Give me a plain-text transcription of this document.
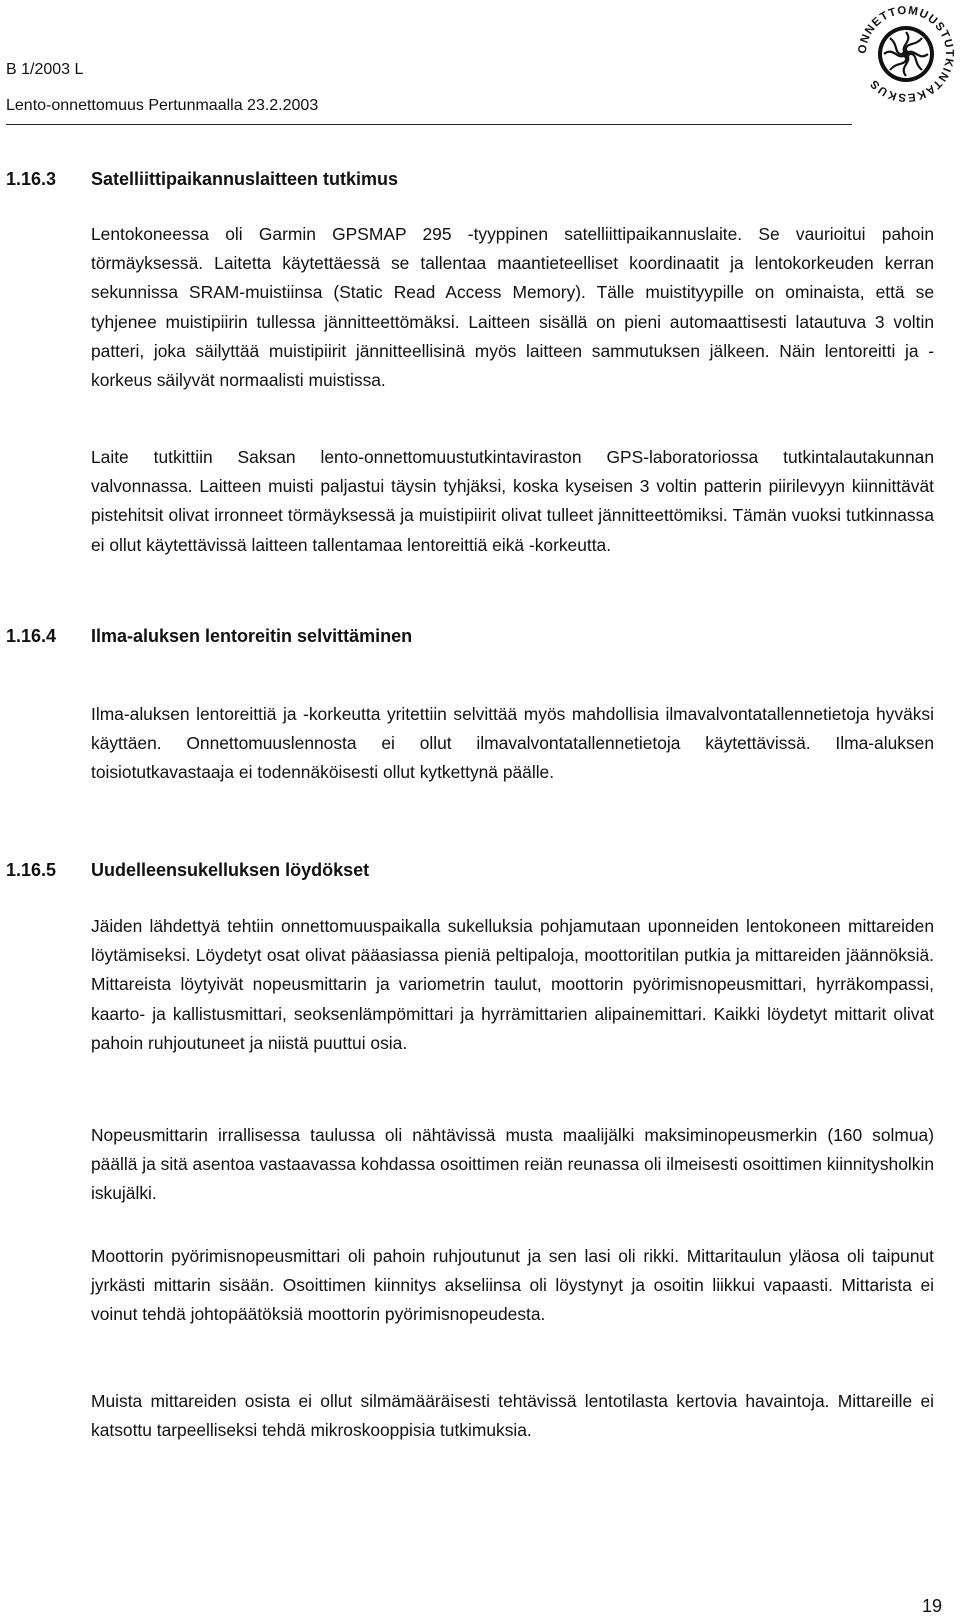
B 1/2003 L
Lento-onnettomuus Pertunmaalla 23.2.2003
ONNETTOMUUSTUTKINTAKESKUS
1.16.3	Satelliittipaikannuslaitteen tutkimus

Lentokoneessa oli Garmin GPSMAP 295 -tyyppinen satelliittipaikannuslaite. Se vaurioitui pahoin törmäyksessä. Laitetta käytettäessä se tallentaa maantieteelliset koordinaatit ja lentokorkeuden kerran sekunnissa SRAM-muistiinsa (Static Read Access Memory). Tälle muistityypille on ominaista, että se tyhjenee muistipiirin tullessa jännitteettömäksi. Laitteen sisällä on pieni automaattisesti latautuva 3 voltin patteri, joka säilyttää muistipiirit jännitteellisinä myös laitteen sammutuksen jälkeen. Näin lentoreitti ja -korkeus säilyvät normaalisti muistissa.

Laite tutkittiin Saksan lento-onnettomuustutkintaviraston GPS-laboratoriossa tutkintalautakunnan valvonnassa. Laitteen muisti paljastui täysin tyhjäksi, koska kyseisen 3 voltin patterin piirilevyyn kiinnittävät pistehitsit olivat irronneet törmäyksessä ja muistipiirit olivat tulleet jännitteettömiksi. Tämän vuoksi tutkinnassa ei ollut käytettävissä laitteen tallentamaa lentoreittiä eikä -korkeutta.

1.16.4	Ilma-aluksen lentoreitin selvittäminen

Ilma-aluksen lentoreittiä ja -korkeutta yritettiin selvittää myös mahdollisia ilmavalvontatallennetietoja hyväksi käyttäen. Onnettomuuslennosta ei ollut ilmavalvontatallennetietoja käytettävissä. Ilma-aluksen toisiotutkavastaaja ei todennäköisesti ollut kytkettynä päälle.

1.16.5	Uudelleensukelluksen löydökset

Jäiden lähdettyä tehtiin onnettomuuspaikalla sukelluksia pohjamutaan uponneiden lentokoneen mittareiden löytämiseksi. Löydetyt osat olivat pääasiassa pieniä peltipaloja, moottoritilan putkia ja mittareiden jäännöksiä. Mittareista löytyivät nopeusmittarin ja variometrin taulut, moottorin pyörimisnopeusmittari, hyrräkompassi, kaarto- ja kallistusmittari, seoksenlämpömittari ja hyrrämittarien alipainemittari. Kaikki löydetyt mittarit olivat pahoin ruhjoutuneet ja niistä puuttui osia.

Nopeusmittarin irrallisessa taulussa oli nähtävissä musta maalijälki maksiminopeusmerkin (160 solmua) päällä ja sitä asentoa vastaavassa kohdassa osoittimen reiän reunassa oli ilmeisesti osoittimen kiinnitysholkin iskujälki.

Moottorin pyörimisnopeusmittari oli pahoin ruhjoutunut ja sen lasi oli rikki. Mittaritaulun yläosa oli taipunut jyrkästi mittarin sisään. Osoittimen kiinnitys akseliinsa oli löystynyt ja osoitin liikkui vapaasti. Mittarista ei voinut tehdä johtopäätöksiä moottorin pyörimisnopeudesta.

Muista mittareiden osista ei ollut silmämääräisesti tehtävissä lentotilasta kertovia havaintoja. Mittareille ei katsottu tarpeelliseksi tehdä mikroskooppisia tutkimuksia.

19
